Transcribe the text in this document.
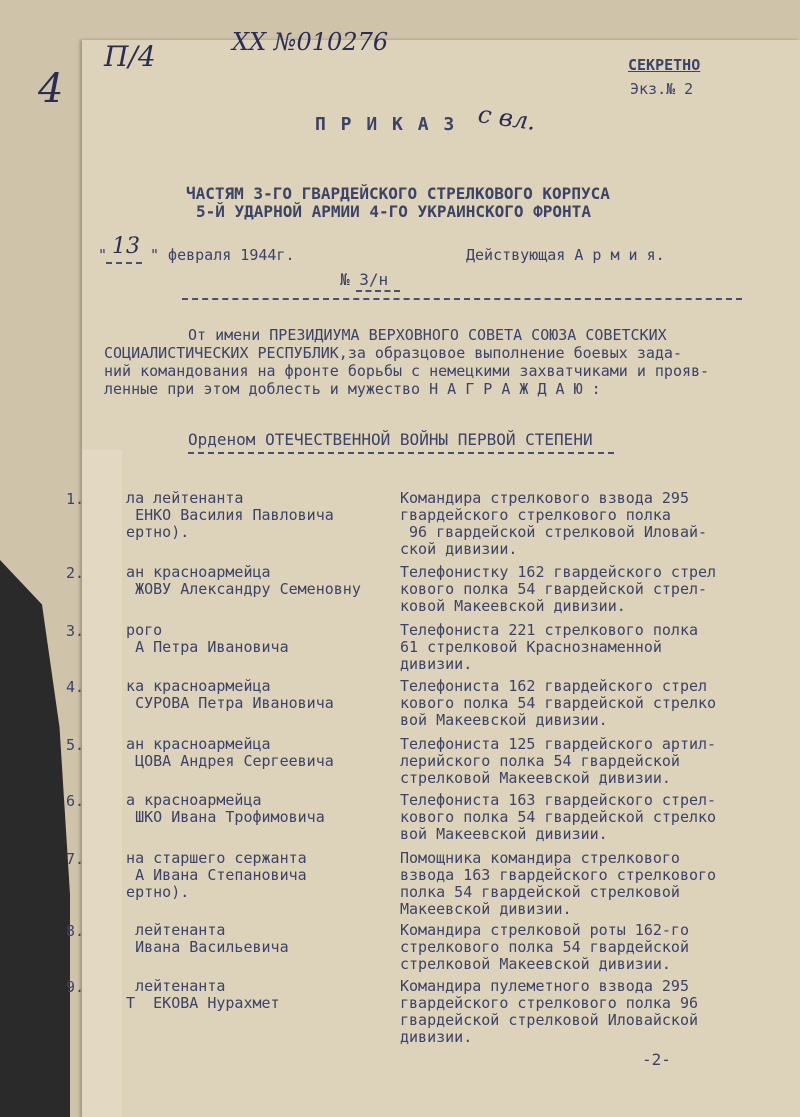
ХХ №010276
4
П/4	СЕКРЕТНО
Экз.№ 2
П Р И К А З с вл.
ЧАСТЯМ 3-ГО ГВАРДЕЙСКОГО СТРЕЛКОВОГО КОРПУСА
5-Й УДАРНОЙ АРМИИ 4-ГО УКРАИНСКОГО ФРОНТА
" 13 " февраля 1944г.	Действующая А р м и я.
№ 3/н
От имени ПРЕЗИДИУМА ВЕРХОВНОГО СОВЕТА СОЮЗА СОВЕТСКИХ
СОЦИАЛИСТИЧЕСКИХ РЕСПУБЛИК,за образцовое выполнение боевых зада-
ний командования на фронте борьбы с немецкими захватчиками и прояв-
ленные при этом доблесть и мужество Н А Г Р А Ж Д А Ю :
Орденом ОТЕЧЕСТВЕННОЙ ВОЙНЫ ПЕРВОЙ СТЕПЕНИ
1.	ла лейтенанта
ЕНКО Василия Павловича
ертно).
Командира стрелкового взвода 295
гвардейского стрелкового полка
96 гвардейской стрелковой Иловай-
ской дивизии.
2.	ан красноармейца
ЖОВУ Александру Семеновну
Телефонистку 162 гвардейского стрел
кового полка 54 гвардейской стрел-
ковой Макеевской дивизии.
3.	рого
А Петра Ивановича
Телефониста 221 стрелкового полка
61 стрелковой Краснознаменной
дивизии.
4.	ка красноармейца
СУРОВА Петра Ивановича
Телефониста 162 гвардейского стрел
кового полка 54 гвардейской стрелко
вой Макеевской дивизии.
5.	ан красноармейца
ЦОВА Андрея Сергеевича
Телефониста 125 гвардейского артил-
лерийского полка 54 гвардейской
стрелковой Макеевской дивизии.
6.	а красноармейца
ШКО Ивана Трофимовича
Телефониста 163 гвардейского стрел-
кового полка 54 гвардейской стрелко
вой Макеевской дивизии.
7.	на старшего сержанта
А Ивана Степановича
ертно).
Помощника командира стрелкового
взвода 163 гвардейского стрелкового
полка 54 гвардейской стрелковой
Макеевской дивизии.
8.	лейтенанта
Ивана Васильевича
Командира стрелковой роты 162-го
стрелкового полка 54 гвардейской
стрелковой Макеевской дивизии.
9.	лейтенанта
Т  ЕКОВА Нурахмет
Командира пулеметного взвода 295
гвардейского стрелкового полка 96
гвардейской стрелковой Иловайской
дивизии.
-2-
